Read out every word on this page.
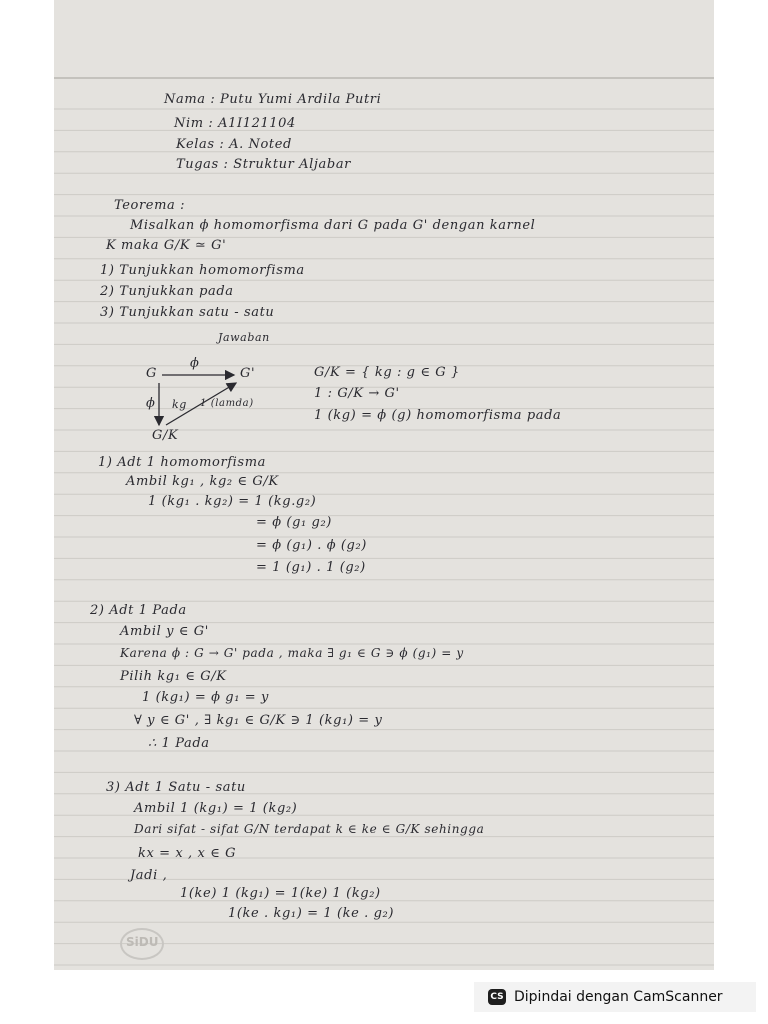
Nama : Putu Yumi Ardila Putri
Nim : A1I121104
Kelas : A. Noted
Tugas : Struktur Aljabar
Teorema :
Misalkan ϕ homomorfisma dari G pada G' dengan karnel
K maka G/K ≃ G'
1) Tunjukkan homomorfisma
2) Tunjukkan pada
3) Tunjukkan satu - satu
Jawaban
G	G'
G/K
ϕ
ϕ kg 1 (lamda)
G/K = { kg : g ∈ G }
1 : G/K → G'
1 (kg) = ϕ (g) homomorfisma pada
1) Adt 1 homomorfisma
Ambil kg₁ , kg₂ ∈ G/K
1 (kg₁ . kg₂) = 1 (kg.g₂)
= ϕ (g₁ g₂)
= ϕ (g₁) . ϕ (g₂)
= 1 (g₁) . 1 (g₂)
2) Adt 1 Pada
Ambil y ∈ G'
Karena ϕ : G → G' pada , maka ∃ g₁ ∈ G ∋ ϕ (g₁) = y
Pilih kg₁ ∈ G/K
1 (kg₁) = ϕ g₁ = y
∀ y ∈ G' , ∃ kg₁ ∈ G/K ∋ 1 (kg₁) = y
∴ 1 Pada
3) Adt 1 Satu - satu
Ambil 1 (kg₁) = 1 (kg₂)
Dari sifat - sifat G/N terdapat k ∈ ke ∈ G/K sehingga
kx = x , x ∈ G
Jadi ,
1(ke) 1 (kg₁) = 1(ke) 1 (kg₂)
1(ke . kg₁) = 1 (ke . g₂)
SiDU
CS Dipindai dengan CamScanner
